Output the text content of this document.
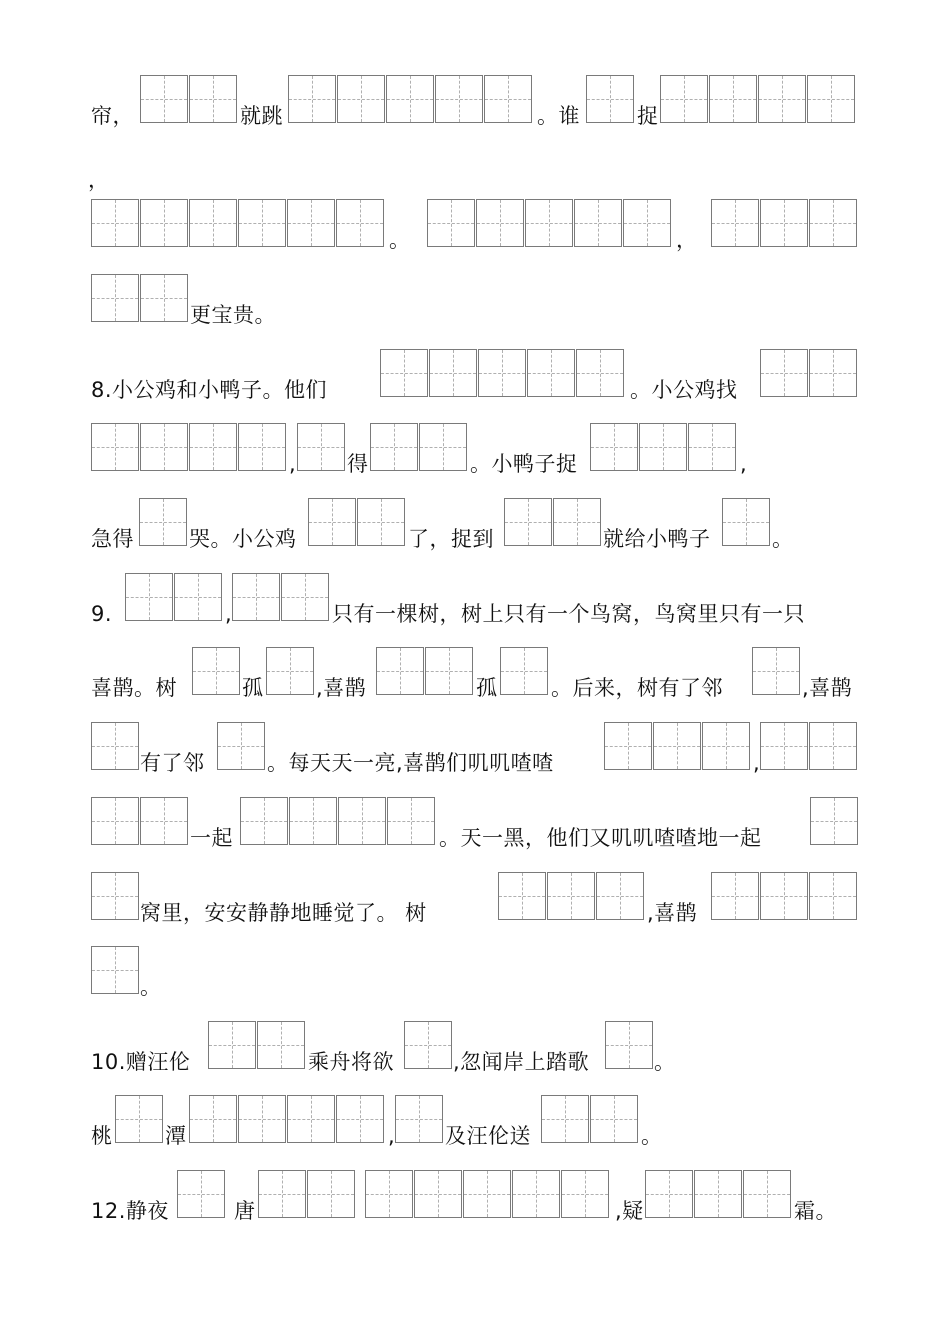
帘，	就跳	。谁	捉
，
。	，
更宝贵。
8.小公鸡和小鸭子。他们	。小公鸡找
, 得	。小鸭子捉	,
急得	哭。小公鸡	了，捉到	就给小鸭子	。
9.	,	只有一棵树，树上只有一个鸟窝，鸟窝里只有一只
喜鹊。树	孤	,喜鹊	孤	。后来，树有了邻	,喜鹊
有了邻	。每天天一亮,喜鹊们叽叽喳喳	,
一起	。天一黑，他们又叽叽喳喳地一起
窝里，安安静静地睡觉了。 树	,喜鹊
。
10.赠汪伦	乘舟将欲	,忽闻岸上踏歌	。
桃	潭	, 及汪伦送	。
12.静夜	唐	,疑	霜。
